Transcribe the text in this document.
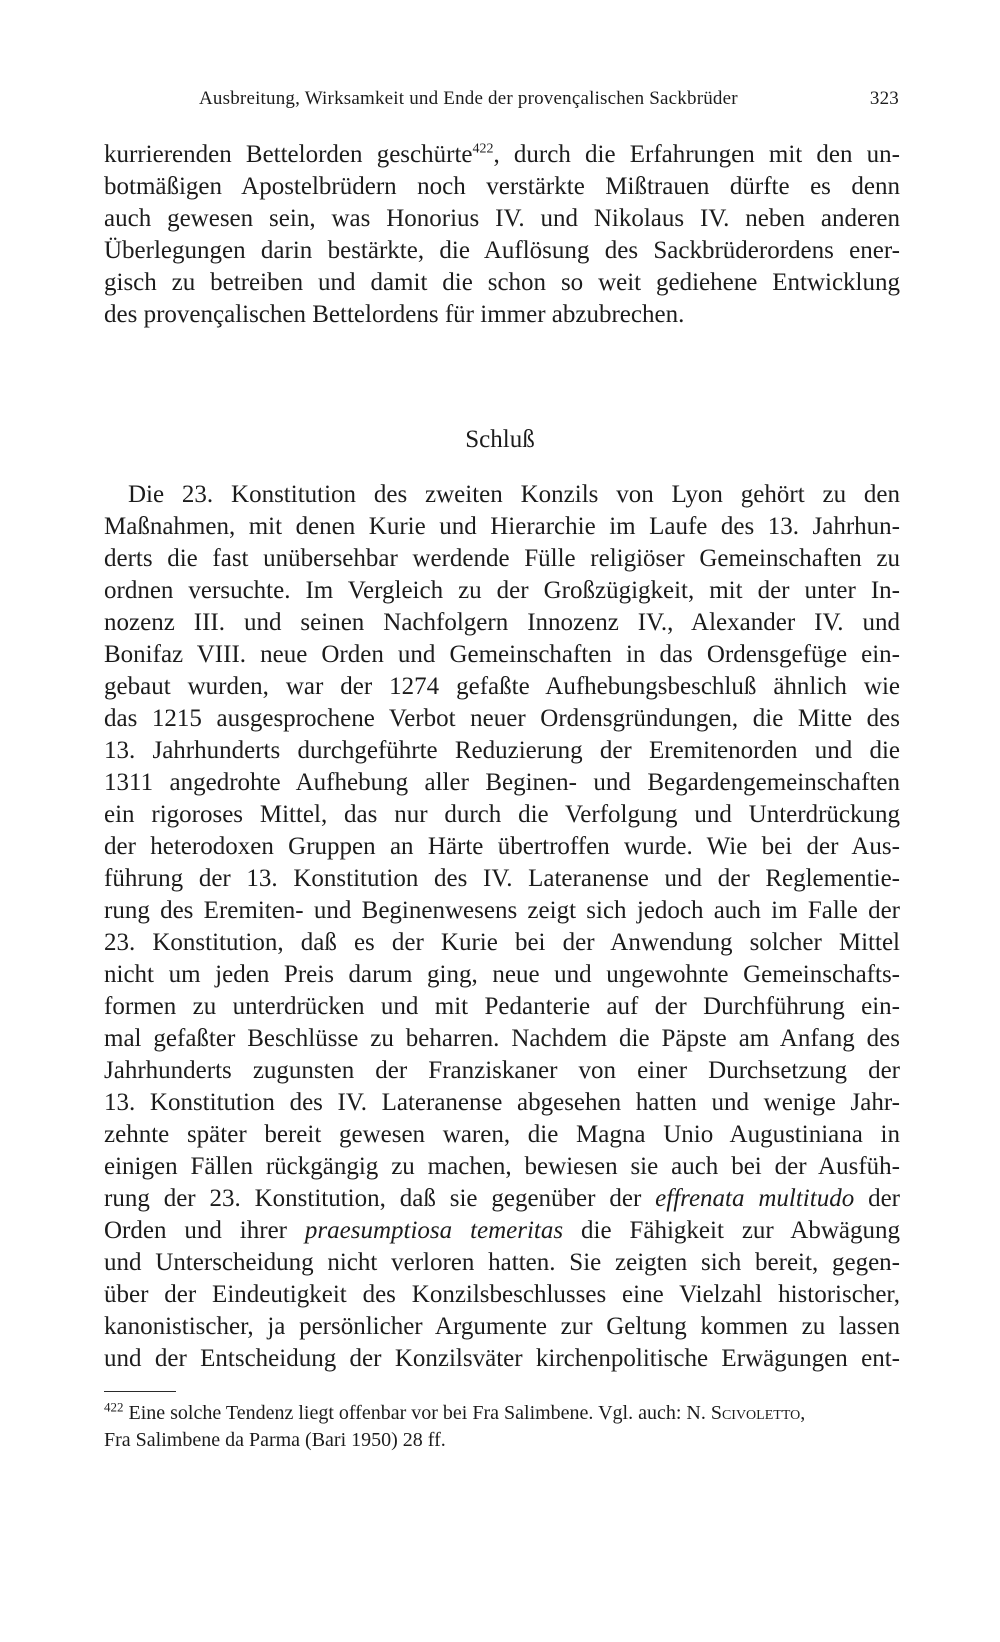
Ausbreitung, Wirksamkeit und Ende der provençalischen Sackbrüder	323
kurrierenden Bettelorden geschürte$^{422}$, durch die Erfahrungen mit den un-
botmäßigen Apostelbrüdern noch verstärkte Mißtrauen dürfte es denn
auch gewesen sein, was Honorius IV. und Nikolaus IV. neben anderen
Überlegungen darin bestärkte, die Auflösung des Sackbrüderordens ener-
gisch zu betreiben und damit die schon so weit gediehene Entwicklung
des provençalischen Bettelordens für immer abzubrechen.
Schluß
Die 23. Konstitution des zweiten Konzils von Lyon gehört zu den
Maßnahmen, mit denen Kurie und Hierarchie im Laufe des 13. Jahrhun-
derts die fast unübersehbar werdende Fülle religiöser Gemeinschaften zu
ordnen versuchte. Im Vergleich zu der Großzügigkeit, mit der unter In-
nozenz III. und seinen Nachfolgern Innozenz IV., Alexander IV. und
Bonifaz VIII. neue Orden und Gemeinschaften in das Ordensgefüge ein-
gebaut wurden, war der 1274 gefaßte Aufhebungsbeschluß ähnlich wie
das 1215 ausgesprochene Verbot neuer Ordensgründungen, die Mitte des
13. Jahrhunderts durchgeführte Reduzierung der Eremitenorden und die
1311 angedrohte Aufhebung aller Beginen- und Begardengemeinschaften
ein rigoroses Mittel, das nur durch die Verfolgung und Unterdrückung
der heterodoxen Gruppen an Härte übertroffen wurde. Wie bei der Aus-
führung der 13. Konstitution des IV. Lateranense und der Reglementie-
rung des Eremiten- und Beginenwesens zeigt sich jedoch auch im Falle der
23. Konstitution, daß es der Kurie bei der Anwendung solcher Mittel
nicht um jeden Preis darum ging, neue und ungewohnte Gemeinschafts-
formen zu unterdrücken und mit Pedanterie auf der Durchführung ein-
mal gefaßter Beschlüsse zu beharren. Nachdem die Päpste am Anfang des
Jahrhunderts zugunsten der Franziskaner von einer Durchsetzung der
13. Konstitution des IV. Lateranense abgesehen hatten und wenige Jahr-
zehnte später bereit gewesen waren, die Magna Unio Augustiniana in
einigen Fällen rückgängig zu machen, bewiesen sie auch bei der Ausfüh-
rung der 23. Konstitution, daß sie gegenüber der effrenata multitudo der
Orden und ihrer praesumptiosa temeritas die Fähigkeit zur Abwägung
und Unterscheidung nicht verloren hatten. Sie zeigten sich bereit, gegen-
über der Eindeutigkeit des Konzilsbeschlusses eine Vielzahl historischer,
kanonistischer, ja persönlicher Argumente zur Geltung kommen zu lassen
und der Entscheidung der Konzilsväter kirchenpolitische Erwägungen ent-
$^{422}$ Eine solche Tendenz liegt offenbar vor bei Fra Salimbene. Vgl. auch: N. Scivoletto,
Fra Salimbene da Parma (Bari 1950) 28 ff.
